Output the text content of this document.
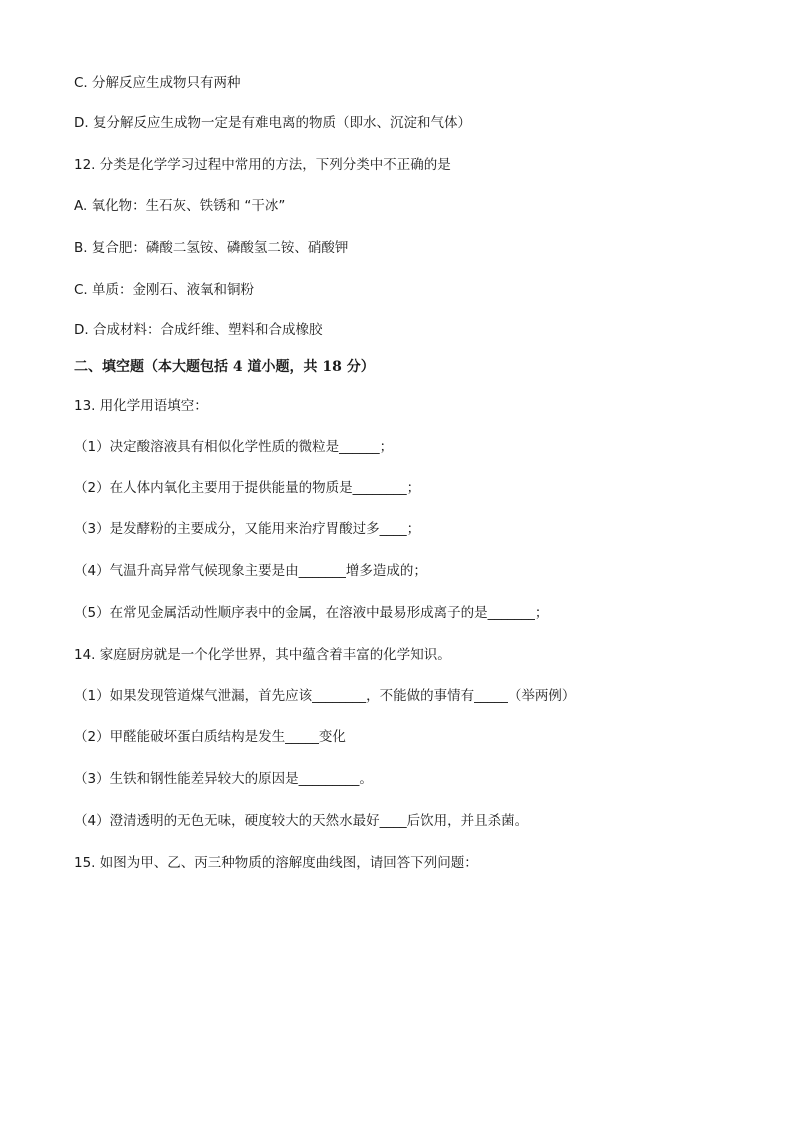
C. 分解反应生成物只有两种
D. 复分解反应生成物一定是有难电离的物质（即水、沉淀和气体）
12. 分类是化学学习过程中常用的方法，下列分类中不正确的是
A. 氧化物：生石灰、铁锈和 “干冰”
B. 复合肥：磷酸二氢铵、磷酸氢二铵、硝酸钾
C. 单质：金刚石、液氧和铜粉
D. 合成材料：合成纤维、塑料和合成橡胶
二、填空题（本大题包括 4 道小题，共 18 分）
13. 用化学用语填空：
（1）决定酸溶液具有相似化学性质的微粒是______；
（2）在人体内氧化主要用于提供能量的物质是________；
（3）是发酵粉的主要成分，又能用来治疗胃酸过多____；
（4）气温升高异常气候现象主要是由_______增多造成的；
（5）在常见金属活动性顺序表中的金属，在溶液中最易形成离子的是_______；
14. 家庭厨房就是一个化学世界，其中蕴含着丰富的化学知识。
（1）如果发现管道煤气泄漏，首先应该________，不能做的事情有_____（举两例）
（2）甲醛能破坏蛋白质结构是发生_____变化
（3）生铁和钢性能差异较大的原因是_________。
（4）澄清透明的无色无味，硬度较大的天然水最好____后饮用，并且杀菌。
15. 如图为甲、乙、丙三种物质的溶解度曲线图，请回答下列问题：
